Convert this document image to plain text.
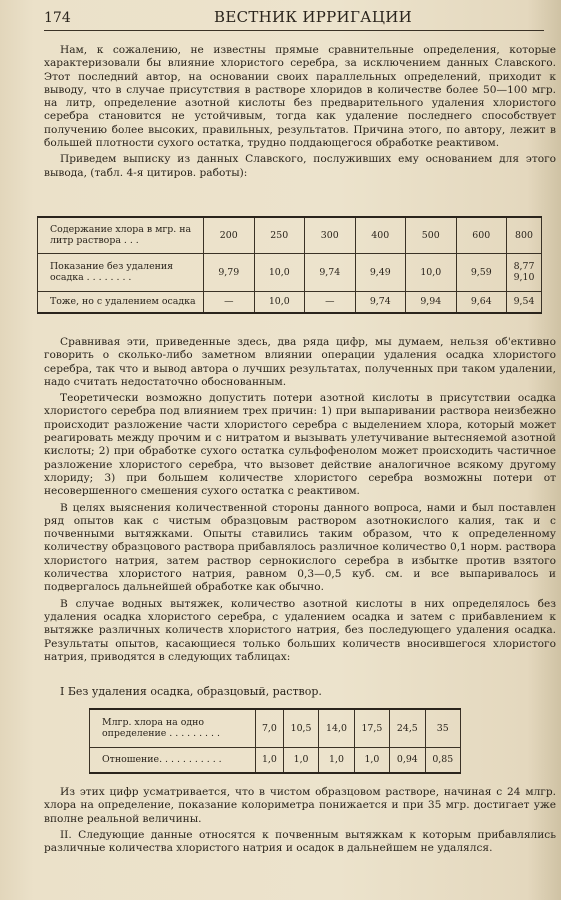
174	ВЕСТНИК ИРРИГАЦИИ

Нам, к сожалению, не известны прямые сравнительные определения, которые характеризовали бы влияние хлористого серебра, за исключением данных Славского. Этот последний автор, на основании своих параллельных определений, приходит к выводу, что в случае присутствия в растворе хлоридов в количестве более 50—100 мгр. на литр, определение азотной кислоты без предварительного удаления хлористого серебра становится не устойчивым, тогда как удаление последнего способствует получению более высоких, правильных, результатов. Причина этого, по автору, лежит в большей плотности сухого остатка, трудно поддающегося обработке реактивом.

Приведем выписку из данных Славского, послуживших ему основанием для этого вывода, (табл. 4-я цитиров. работы):

Содержание хлора в мгр. на литр раствора . . .	200	250	300	400	500	600	800
Показание без удаления осадка . . . . . . . .	9,79	10,0	9,74	9,49	10,0	9,59	8,77 9,10
Тоже, но с удалением осадка	—	10,0	—	9,74	9,94	9,64	9,54

Сравнивая эти, приведенные здесь, два ряда цифр, мы думаем, нельзя об'ективно говорить о сколько-либо заметном влиянии операции удаления осадка хлористого серебра, так что и вывод автора о лучших результатах, полученных при таком удалении, надо считать недостаточно обоснованным.

Теоретически возможно допустить потери азотной кислоты в присутствии осадка хлористого серебра под влиянием трех причин: 1) при выпаривании раствора неизбежно происходит разложение части хлористого серебра с выделением хлора, который может реагировать между прочим и с нитратом и вызывать улетучивание вытесняемой азотной кислоты; 2) при обработке сухого остатка сульфофенолом может происходить частичное разложение хлористого серебра, что вызовет действие аналогичное всякому другому хлориду; 3) при большем количестве хлористого серебра возможны потери от несовершенного смешения сухого остатка с реактивом.

В целях выяснения количественной стороны данного вопроса, нами и был поставлен ряд опытов как с чистым образцовым раствором азотнокислого калия, так и с почвенными вытяжками. Опыты ставились таким образом, что к определенному количеству образцового раствора прибавлялось различное количество 0,1 норм. раствора хлористого натрия, затем раствор сернокислого серебра в избытке против взятого количества хлористого натрия, равном 0,3—0,5 куб. см. и все выпаривалось и подвергалось дальнейшей обработке как обычно.

В случае водных вытяжек, количество азотной кислоты в них определялось без удаления осадка хлористого серебра, с удалением осадка и затем с прибавлением к вытяжке различных количеств хлористого натрия, без последующего удаления осадка. Результаты опытов, касающиеся только больших количеств вносившегося хлористого натрия, приводятся в следующих таблицах:

I Без удаления осадка, образцовый, раствор.
Млгр. хлора на одно определение . . . . . . . . .	7,0	10,5	14,0	17,5	24,5	35
Отношение. . . . . . . . . . .	1,0	1,0	1,0	1,0	0,94	0,85

Из этих цифр усматривается, что в чистом образцовом растворе, начиная с 24 млгр. хлора на определение, показание колориметра понижается и при 35 мгр. достигает уже вполне реальной величины.

II. Следующие данные относятся к почвенным вытяжкам к которым прибавлялись различные количества хлористого натрия и осадок в дальнейшем не удалялся.
